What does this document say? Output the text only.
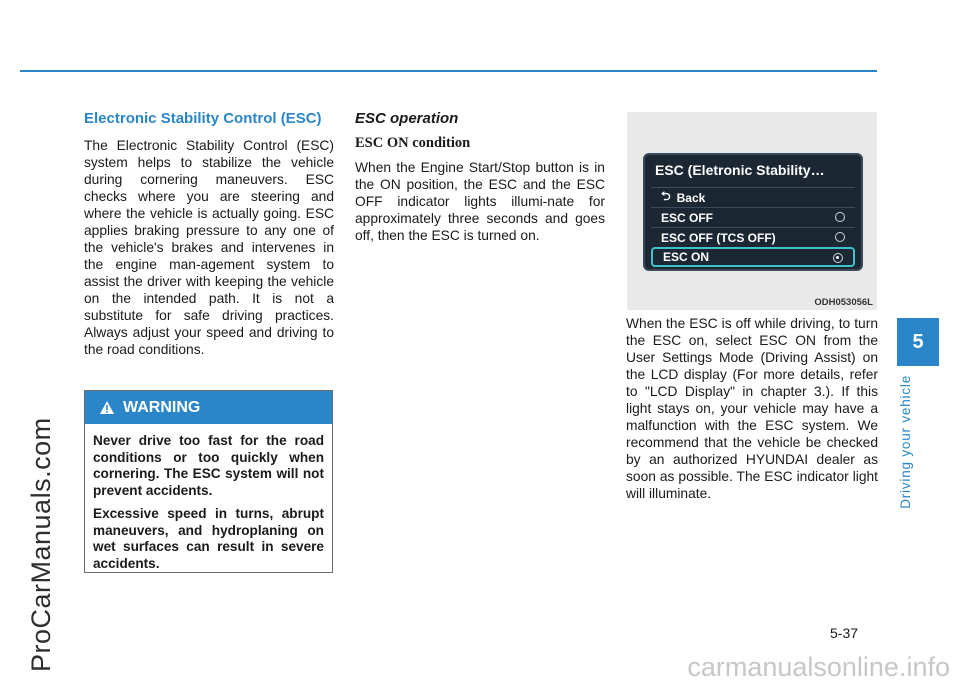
ProCarManuals.com	carmanualsonline.info
5
Driving your vehicle
Electronic Stability Control (ESC)

The Electronic Stability Control (ESC) system helps to stabilize the vehicle during cornering maneuvers. ESC checks where you are steering and where the vehicle is actually going. ESC applies braking pressure to any one of the vehicle's brakes and intervenes in the engine man-agement system to assist the driver with keeping the vehicle on the intended path. It is not a substitute for safe driving practices. Always adjust your speed and driving to the road conditions.

WARNING

Never drive too fast for the road conditions or too quickly when cornering. The ESC system will not prevent accidents.

Excessive speed in turns, abrupt maneuvers, and hydroplaning on wet surfaces can result in severe accidents.

ESC operation
ESC ON condition

When the Engine Start/Stop button is in the ON position, the ESC and the ESC OFF indicator lights illumi-nate for approximately three seconds and goes off, then the ESC is turned on.

ESC (Eletronic Stability…
⮌ Back
ESC OFF
ESC OFF (TCS OFF)
ESC ON
ODH053056L

When the ESC is off while driving, to turn the ESC on, select ESC ON from the User Settings Mode (Driving Assist) on the LCD display (For more details, refer to "LCD Display" in chapter 3.). If this light stays on, your vehicle may have a malfunction with the ESC system. We recommend that the vehicle be checked by an authorized HYUNDAI dealer as soon as possible. The ESC indicator light will illuminate.

5-37
